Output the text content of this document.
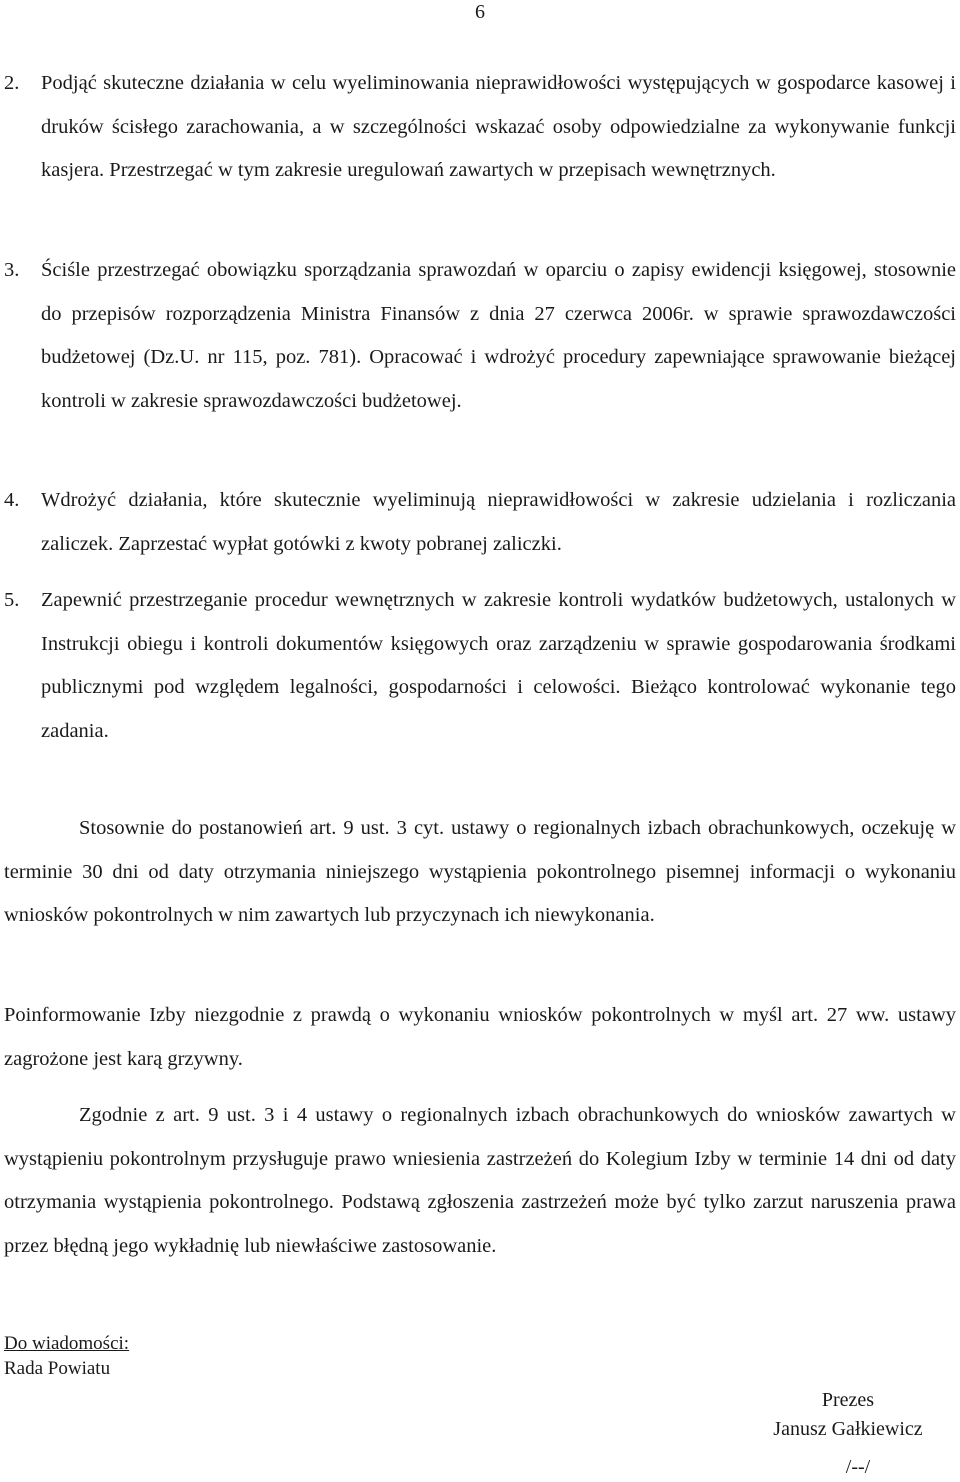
6
2.	Podjąć skuteczne działania w celu wyeliminowania nieprawidłowości występujących w gospodarce kasowej i druków ścisłego zarachowania, a w szczególności wskazać osoby odpowiedzialne za wykonywanie funkcji kasjera. Przestrzegać w tym zakresie uregulowań zawartych w przepisach wewnętrznych.
3.	Ściśle przestrzegać obowiązku sporządzania sprawozdań w oparciu o zapisy ewidencji księgowej, stosownie do przepisów rozporządzenia Ministra Finansów z dnia 27 czerwca 2006r. w sprawie sprawozdawczości budżetowej (Dz.U. nr 115, poz. 781). Opracować i wdrożyć procedury zapewniające sprawowanie bieżącej kontroli w zakresie sprawozdawczości budżetowej.
4.	Wdrożyć działania, które skutecznie wyeliminują nieprawidłowości w zakresie udzielania i rozliczania zaliczek. Zaprzestać wypłat gotówki z kwoty pobranej zaliczki.
5.	Zapewnić przestrzeganie procedur wewnętrznych w zakresie kontroli wydatków budżetowych, ustalonych w Instrukcji obiegu i kontroli dokumentów księgowych oraz zarządzeniu w sprawie gospodarowania środkami publicznymi pod względem legalności, gospodarności i celowości. Bieżąco kontrolować wykonanie tego zadania.
Stosownie do postanowień art. 9 ust. 3 cyt. ustawy o regionalnych izbach obrachunkowych, oczekuję w terminie 30 dni od daty otrzymania niniejszego wystąpienia pokontrolnego pisemnej informacji o wykonaniu wniosków pokontrolnych w nim zawartych lub przyczynach ich niewykonania.
Poinformowanie Izby niezgodnie z prawdą o wykonaniu wniosków pokontrolnych w myśl art. 27 ww. ustawy zagrożone jest karą grzywny.
Zgodnie z art. 9 ust. 3 i 4 ustawy o regionalnych izbach obrachunkowych do wniosków zawartych w wystąpieniu pokontrolnym przysługuje prawo wniesienia zastrzeżeń do Kolegium Izby w terminie 14 dni od daty otrzymania wystąpienia pokontrolnego. Podstawą zgłoszenia zastrzeżeń może być tylko zarzut naruszenia prawa przez błędną jego wykładnię lub niewłaściwe zastosowanie.
Do wiadomości:
Rada Powiatu
Prezes
Janusz Gałkiewicz
/--/
